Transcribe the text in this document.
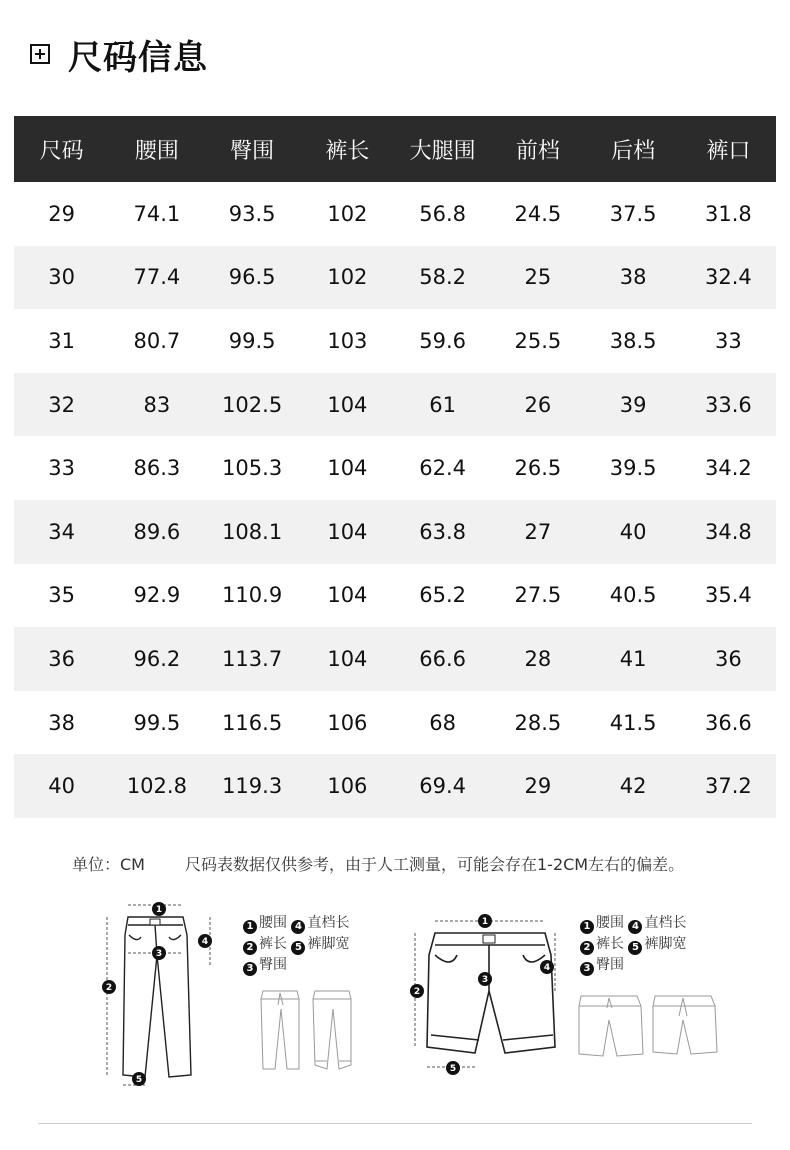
尺码信息
尺码	腰围	臀围	裤长	大腿围	前档	后档	裤口
29	74.1	93.5	102	56.8	24.5	37.5	31.8
30	77.4	96.5	102	58.2	25	38	32.4
31	80.7	99.5	103	59.6	25.5	38.5	33
32	83	102.5	104	61	26	39	33.6
33	86.3	105.3	104	62.4	26.5	39.5	34.2
34	89.6	108.1	104	63.8	27	40	34.8
35	92.9	110.9	104	65.2	27.5	40.5	35.4
36	96.2	113.7	104	66.6	28	41	36
38	99.5	116.5	106	68	28.5	41.5	36.6
40	102.8	119.3	106	69.4	29	42	37.2
单位：CM	尺码表数据仅供参考，由于人工测量，可能会存在1-2CM左右的偏差。
1
2
3
4
5
1 腰围 4 直档长
2 裤长 5 裤脚宽
3 臀围
1
2
3
4
5
1 腰围 4 直档长
2 裤长 5 裤脚宽
3 臀围
